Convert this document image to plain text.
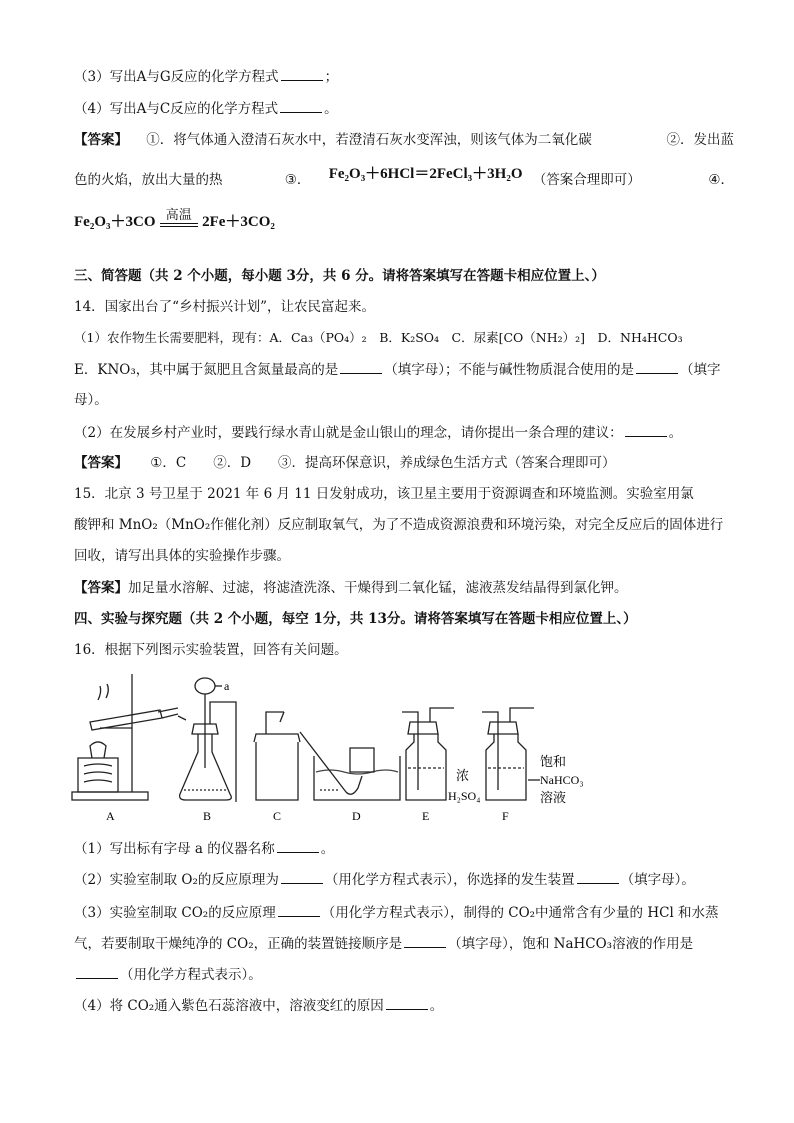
（3）写出A与G反应的化学方程式	；
（4）写出A与C反应的化学方程式	。
【答案】 ①．将气体通入澄清石灰水中，若澄清石灰水变浑浊，则该气体为二氧化碳	②．发出蓝
色的火焰，放出大量的热	③． Fe₂O₃＋6HCl＝2FeCl₃＋3H₂O （答案合理即可）	④．
Fe₂O₃＋3CO 高温 2Fe＋3CO₂
三、简答题（共 2 个小题，每小题 3分，共 6 分。请将答案填写在答题卡相应位置上、）
14．国家出台了“乡村振兴计划”，让农民富起来。
（1）农作物生长需要肥料，现有：A．Ca₃（PO₄）₂　B．K₂SO₄　C．尿素[CO（NH₂）₂]　D．NH₄HCO₃
E．KNO₃，其中属于氮肥且含氮量最高的是	（填字母）；不能与碱性物质混合使用的是	（填字
母）。
（2）在发展乡村产业时，要践行绿水青山就是金山银山的理念，请你提出一条合理的建议：	。
【答案】 ①．C　　②．D　　③．提高环保意识，养成绿色生活方式（答案合理即可）
15．北京 3 号卫星于 2021 年 6 月 11 日发射成功，该卫星主要用于资源调查和环境监测。实验室用氯
酸钾和 MnO₂（MnO₂作催化剂）反应制取氧气，为了不造成资源浪费和环境污染，对完全反应后的固体进行
回收，请写出具体的实验操作步骤。
【答案】加足量水溶解、过滤，将滤渣洗涤、干燥得到二氧化锰，滤液蒸发结晶得到氯化钾。
四、实验与探究题（共 2 个小题，每空 1分，共 13分。请将答案填写在答题卡相应位置上、）
16．根据下列图示实验装置，回答有关问题。
a
浓
H₂SO₄
饱和
NaHCO₃
溶液
A	B	C	D	E	F
（1）写出标有字母 a 的仪器名称	。
（2）实验室制取 O₂的反应原理为	（用化学方程式表示），你选择的发生装置	（填字母）。
（3）实验室制取 CO₂的反应原理	（用化学方程式表示），制得的 CO₂中通常含有少量的 HCl 和水蒸
气，若要制取干燥纯净的 CO₂，正确的装置链接顺序是	（填字母），饱和 NaHCO₃溶液的作用是
（用化学方程式表示）。
（4）将 CO₂通入紫色石蕊溶液中，溶液变红的原因	。
